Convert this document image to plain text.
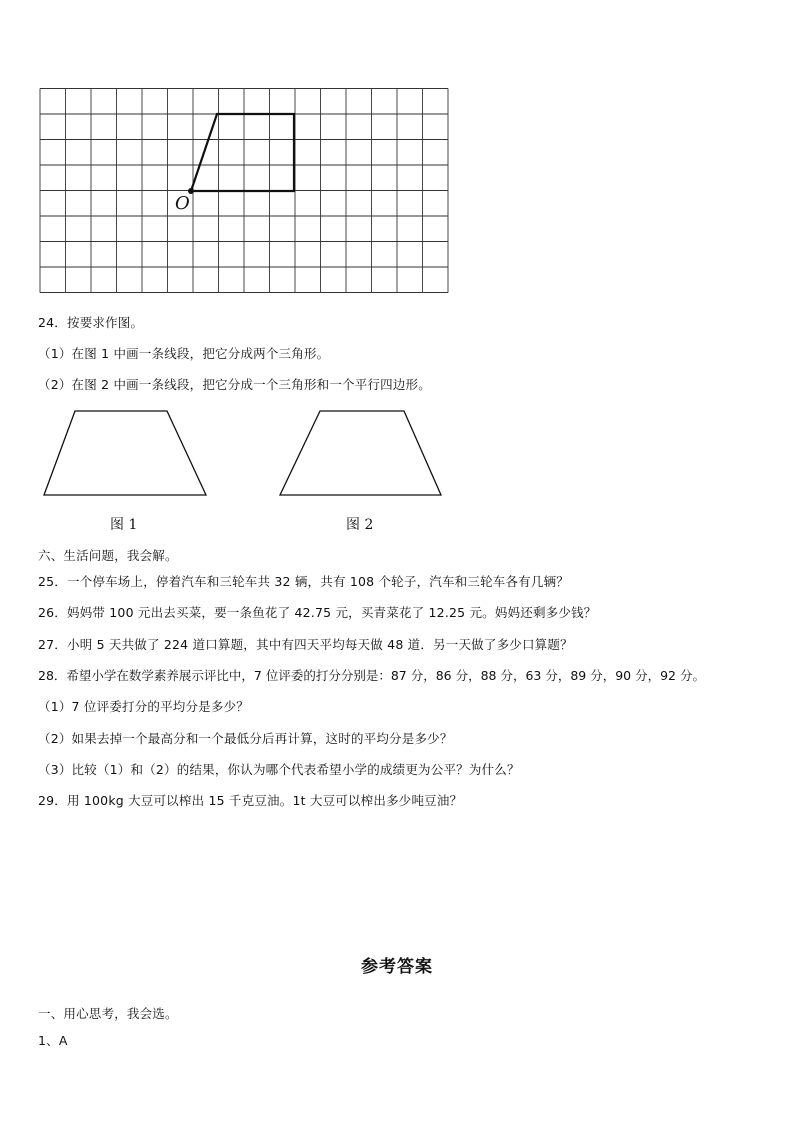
O
24．按要求作图。
（1）在图 1 中画一条线段，把它分成两个三角形。
（2）在图 2 中画一条线段，把它分成一个三角形和一个平行四边形。
图 1	图 2
六、生活问题，我会解。
25．一个停车场上，停着汽车和三轮车共 32 辆，共有 108 个轮子，汽车和三轮车各有几辆？
26．妈妈带 100 元出去买菜，要一条鱼花了 42.75 元，买青菜花了 12.25 元。妈妈还剩多少钱？
27．小明 5 天共做了 224 道口算题，其中有四天平均每天做 48 道．另一天做了多少口算题？
28．希望小学在数学素养展示评比中，7 位评委的打分分别是：87 分，86 分，88 分，63 分，89 分，90 分，92 分。
（1）7 位评委打分的平均分是多少？
（2）如果去掉一个最高分和一个最低分后再计算，这时的平均分是多少？
（3）比较（1）和（2）的结果，你认为哪个代表希望小学的成绩更为公平？为什么？
29．用 100kg 大豆可以榨出 15 千克豆油。1t 大豆可以榨出多少吨豆油？
参考答案
一、用心思考，我会选。
1、A
